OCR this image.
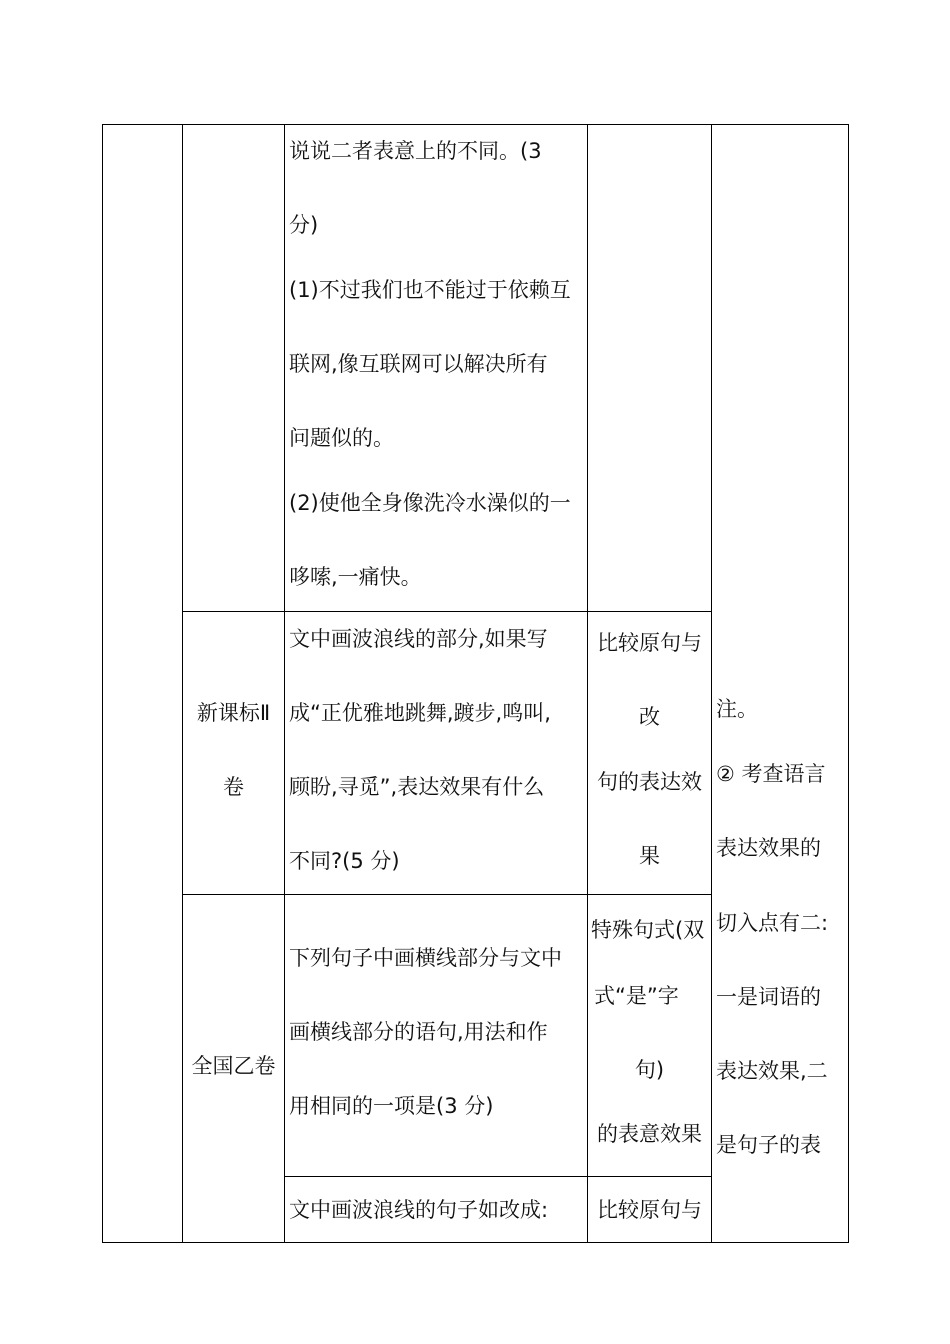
说说二者表意上的不同。(3
分)
(1)不过我们也不能过于依赖互
联网,像互联网可以解决所有
问题似的。
(2)使他全身像洗冷水澡似的一
哆嗦,一痛快。
新课标Ⅱ
卷
文中画波浪线的部分,如果写
成“正优雅地跳舞,踱步,鸣叫,
顾盼,寻觅”,表达效果有什么
不同?(5 分)
比较原句与
改
句的表达效
果
全国乙卷
下列句子中画横线部分与文中
画横线部分的语句,用法和作
用相同的一项是(3 分)
特殊句式(双
式“是”字
句)
的表意效果
文中画波浪线的句子如改成:	比较原句与
注。
② 考查语言
表达效果的
切入点有二:
一是词语的
表达效果,二
是句子的表
